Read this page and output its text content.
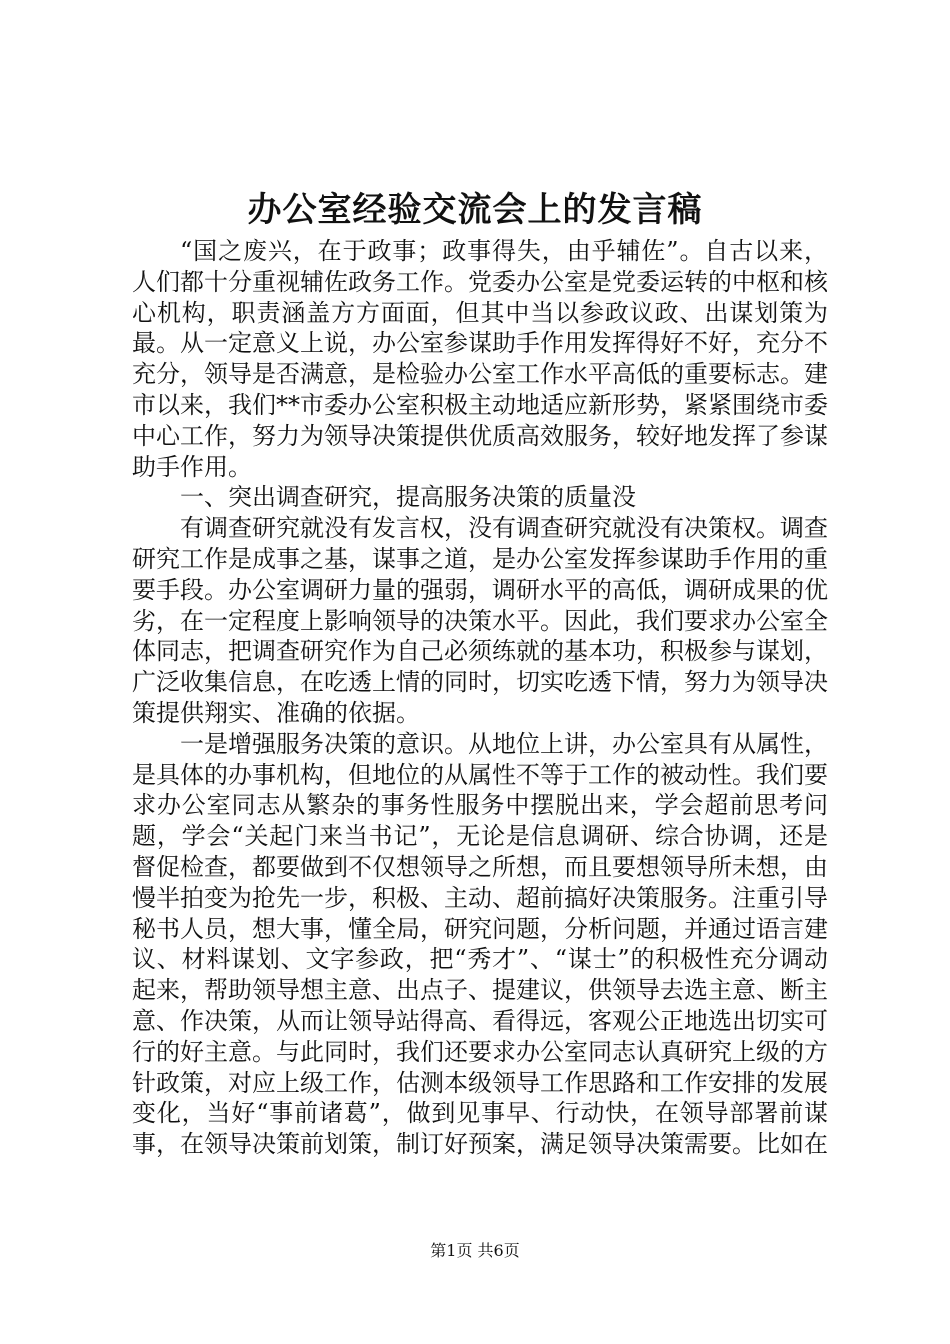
办公室经验交流会上的发言稿

“国之废兴，在于政事；政事得失，由乎辅佐”。自古以来，人们都十分重视辅佐政务工作。党委办公室是党委运转的中枢和核心机构，职责涵盖方方面面，但其中当以参政议政、出谋划策为最。从一定意义上说，办公室参谋助手作用发挥得好不好，充分不充分，领导是否满意，是检验办公室工作水平高低的重要标志。建市以来，我们**市委办公室积极主动地适应新形势，紧紧围绕市委中心工作，努力为领导决策提供优质高效服务，较好地发挥了参谋助手作用。

一、突出调查研究，提高服务决策的质量没

有调查研究就没有发言权，没有调查研究就没有决策权。调查研究工作是成事之基，谋事之道，是办公室发挥参谋助手作用的重要手段。办公室调研力量的强弱，调研水平的高低，调研成果的优劣，在一定程度上影响领导的决策水平。因此，我们要求办公室全体同志，把调查研究作为自己必须练就的基本功，积极参与谋划，广泛收集信息，在吃透上情的同时，切实吃透下情，努力为领导决策提供翔实、准确的依据。

一是增强服务决策的意识。从地位上讲，办公室具有从属性，是具体的办事机构，但地位的从属性不等于工作的被动性。我们要求办公室同志从繁杂的事务性服务中摆脱出来，学会超前思考问题，学会“关起门来当书记”，无论是信息调研、综合协调，还是督促检查，都要做到不仅想领导之所想，而且要想领导所未想，由慢半拍变为抢先一步，积极、主动、超前搞好决策服务。注重引导秘书人员，想大事，懂全局，研究问题，分析问题，并通过语言建议、材料谋划、文字参政，把“秀才”、“谋士”的积极性充分调动起来，帮助领导想主意、出点子、提建议，供领导去选主意、断主意、作决策，从而让领导站得高、看得远，客观公正地选出切实可行的好主意。与此同时，我们还要求办公室同志认真研究上级的方针政策，对应上级工作，估测本级领导工作思路和工作安排的发展变化，当好“事前诸葛”，做到见事早、行动快，在领导部署前谋事，在领导决策前划策，制订好预案，满足领导决策需要。比如在

第1页 共6页
